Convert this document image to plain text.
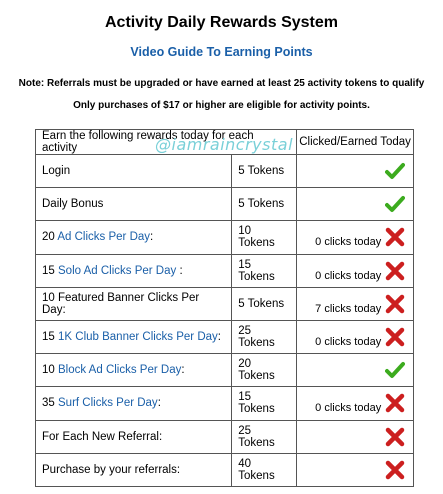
Activity Daily Rewards System
Video Guide To Earning Points
Note: Referrals must be upgraded or have earned at least 25 activity tokens to qualify
Only purchases of $17 or higher are eligible for activity points.
Earn the following rewards today for each activity		Clicked/Earned Today
Login	5 Tokens	

Daily Bonus	5 Tokens	

20 Ad Clicks Per Day:	10 Tokens	0 clicks today

15 Solo Ad Clicks Per Day :	15 Tokens	0 clicks today

10 Featured Banner Clicks Per Day:	5 Tokens	7 clicks today

15 1K Club Banner Clicks Per Day:	25 Tokens	0 clicks today

10 Block Ad Clicks Per Day:	20 Tokens	

35 Surf Clicks Per Day:	15 Tokens	0 clicks today

For Each New Referral:	25 Tokens	

Purchase by your referrals:	40 Tokens	
@iamraincrystal
